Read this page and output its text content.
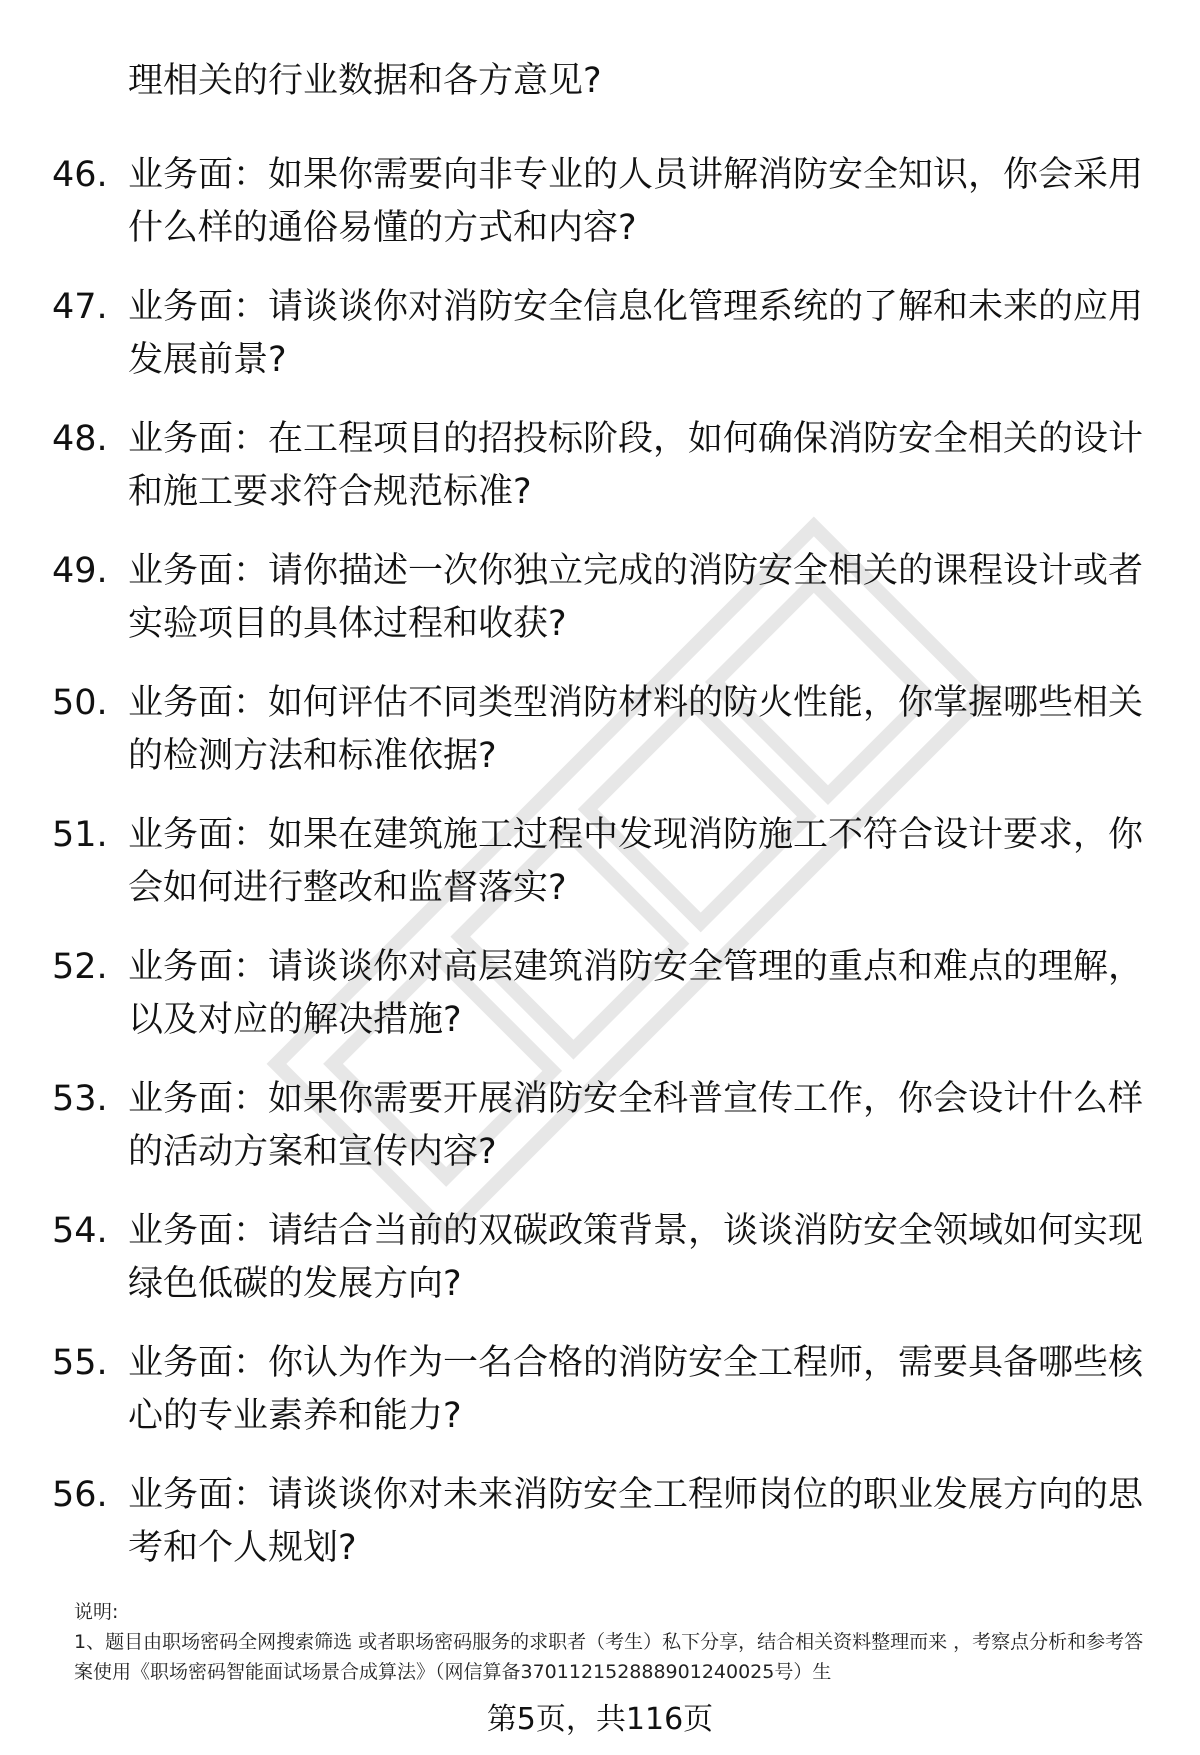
理相关的行业数据和各方意见?

46. 业务面：如果你需要向非专业的人员讲解消防安全知识，你会采用什么样的通俗易懂的方式和内容?
47. 业务面：请谈谈你对消防安全信息化管理系统的了解和未来的应用发展前景?
48. 业务面：在工程项目的招投标阶段，如何确保消防安全相关的设计和施工要求符合规范标准?
49. 业务面：请你描述一次你独立完成的消防安全相关的课程设计或者实验项目的具体过程和收获?
50. 业务面：如何评估不同类型消防材料的防火性能，你掌握哪些相关的检测方法和标准依据?
51. 业务面：如果在建筑施工过程中发现消防施工不符合设计要求，你会如何进行整改和监督落实?
52. 业务面：请谈谈你对高层建筑消防安全管理的重点和难点的理解，以及对应的解决措施?
53. 业务面：如果你需要开展消防安全科普宣传工作，你会设计什么样的活动方案和宣传内容?
54. 业务面：请结合当前的双碳政策背景，谈谈消防安全领域如何实现绿色低碳的发展方向?
55. 业务面：你认为作为一名合格的消防安全工程师，需要具备哪些核心的专业素养和能力?
56. 业务面：请谈谈你对未来消防安全工程师岗位的职业发展方向的思考和个人规划?

说明:

1、题目由职场密码全网搜索筛选 或者职场密码服务的求职者（考生）私下分享，结合相关资料整理而来 ，考察点分析和参考答案使用《职场密码智能面试场景合成算法》（网信算备370112152888901240025号）生

第5页，共116页
